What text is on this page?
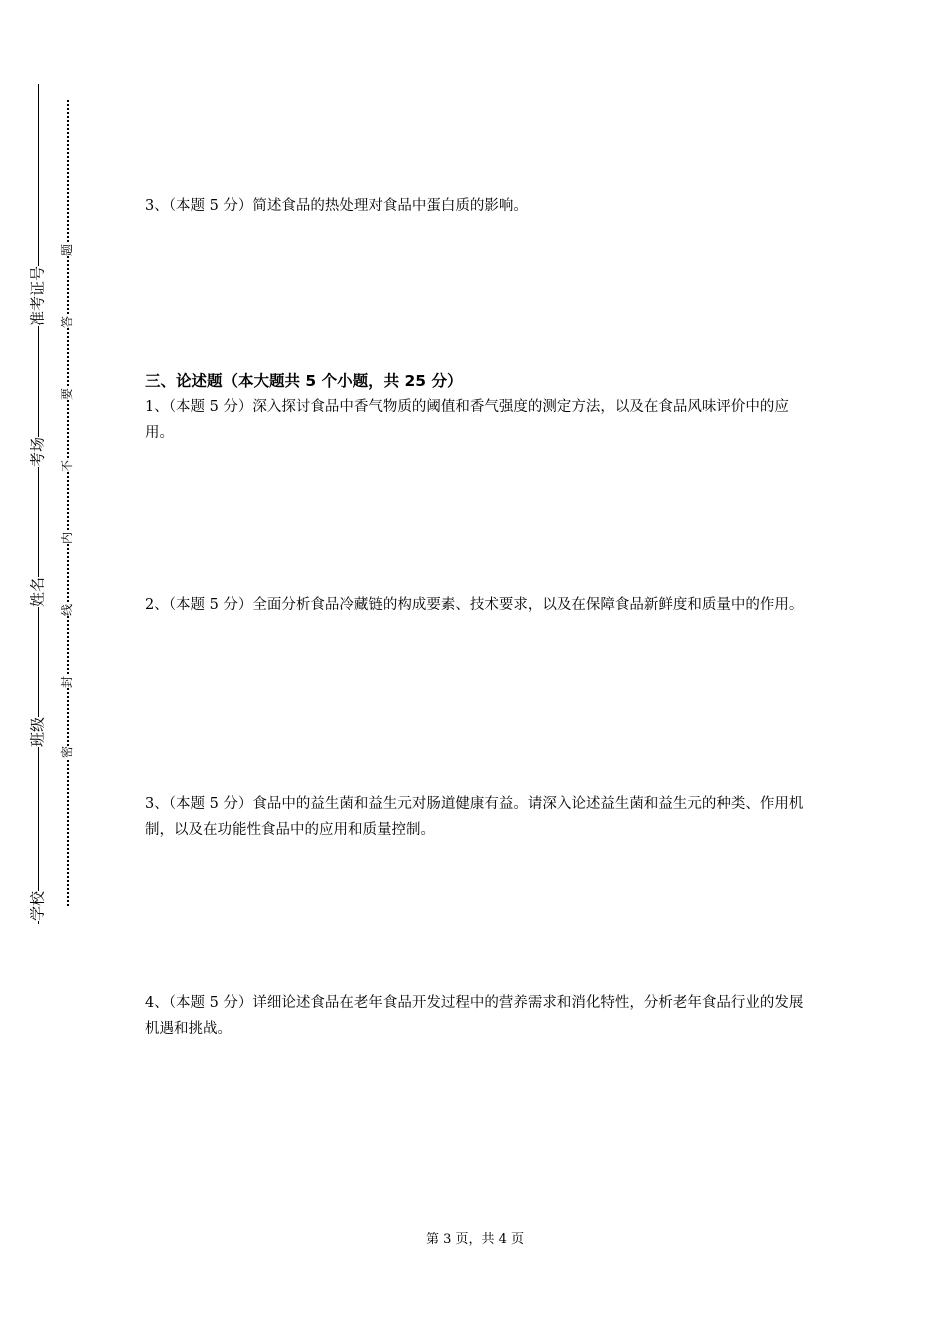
准考证号
考场
姓名
班级
学校
题
答
要
不
内
线
封
密
3、（本题 5 分）简述食品的热处理对食品中蛋白质的影响。
三、论述题（本大题共 5 个小题，共 25 分）
1、（本题 5 分）深入探讨食品中香气物质的阈值和香气强度的测定方法，以及在食品风味评价中的应用。
2、（本题 5 分）全面分析食品冷藏链的构成要素、技术要求，以及在保障食品新鲜度和质量中的作用。
3、（本题 5 分）食品中的益生菌和益生元对肠道健康有益。请深入论述益生菌和益生元的种类、作用机制，以及在功能性食品中的应用和质量控制。
4、（本题 5 分）详细论述食品在老年食品开发过程中的营养需求和消化特性，分析老年食品行业的发展机遇和挑战。
第 3 页，共 4 页
